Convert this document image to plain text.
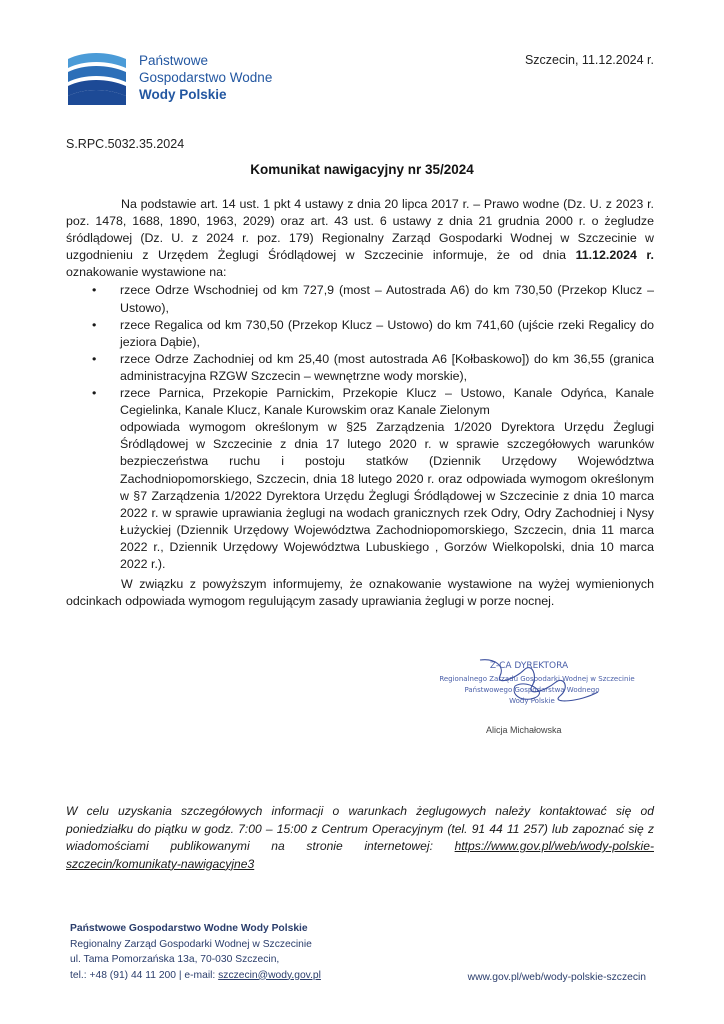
Państwowe
Gospodarstwo Wodne
Wody Polskie
Szczecin, 11.12.2024 r.
S.RPC.5032.35.2024
Komunikat nawigacyjny nr 35/2024

Na podstawie art. 14 ust. 1 pkt 4 ustawy z dnia 20 lipca 2017 r. – Prawo wodne (Dz. U. z 2023 r. poz. 1478, 1688, 1890, 1963, 2029) oraz art. 43 ust. 6 ustawy z dnia 21 grudnia 2000 r. o żegludze śródlądowej (Dz. U. z 2024 r. poz. 179) Regionalny Zarząd Gospodarki Wodnej w Szczecinie w uzgodnieniu z Urzędem Żeglugi Śródlądowej w Szczecinie informuje, że od dnia 11.12.2024 r. oznakowanie wystawione na:

• rzece Odrze Wschodniej od km 727,9 (most – Autostrada A6) do km 730,50 (Przekop Klucz – Ustowo),
• rzece Regalica od km 730,50 (Przekop Klucz – Ustowo) do km 741,60 (ujście rzeki Regalicy do jeziora Dąbie),
• rzece Odrze Zachodniej od km 25,40 (most autostrada A6 [Kołbaskowo]) do km 36,55 (granica administracyjna RZGW Szczecin – wewnętrzne wody morskie),
• rzece Parnica, Przekopie Parnickim, Przekopie Klucz – Ustowo, Kanale Odyńca, Kanale Cegielinka, Kanale Klucz, Kanale Kurowskim oraz Kanale Zielonym

odpowiada wymogom określonym w §25 Zarządzenia 1/2020 Dyrektora Urzędu Żeglugi Śródlądowej w Szczecinie z dnia 17 lutego 2020 r. w sprawie szczegółowych warunków bezpieczeństwa ruchu i postoju statków (Dziennik Urzędowy Województwa Zachodniopomorskiego, Szczecin, dnia 18 lutego 2020 r. oraz odpowiada wymogom określonym w §7 Zarządzenia 1/2022 Dyrektora Urzędu Żeglugi Śródlądowej w Szczecinie z dnia 10 marca 2022 r. w sprawie uprawiania żeglugi na wodach granicznych rzek Odry, Odry Zachodniej i Nysy Łużyckiej (Dziennik Urzędowy Województwa Zachodniopomorskiego, Szczecin, dnia 11 marca 2022 r., Dziennik Urzędowy Województwa Lubuskiego , Gorzów Wielkopolski, dnia 10 marca 2022 r.).

W związku z powyższym informujemy, że oznakowanie wystawione na wyżej wymienionych odcinkach odpowiada wymogom regulującym zasady uprawiania żeglugi w porze nocnej.

Z-CA DYREKTORA
Regionalnego Zarządu Gospodarki Wodnej w Szczecinie
Państwowego Gospodarstwa Wodnego
Wody Polskie
Alicja Michałowska
W celu uzyskania szczegółowych informacji o warunkach żeglugowych należy kontaktować się od poniedziałku do piątku w godz. 7:00 – 15:00 z Centrum Operacyjnym (tel. 91 44 11 257) lub zapoznać się z wiadomościami publikowanymi na stronie internetowej: https://www.gov.pl/web/wody-polskie-szczecin/komunikaty-nawigacyjne3
Państwowe Gospodarstwo Wodne Wody Polskie
Regionalny Zarząd Gospodarki Wodnej w Szczecinie
ul. Tama Pomorzańska 13a, 70-030 Szczecin,
tel.: +48 (91) 44 11 200 | e-mail: szczecin@wody.gov.pl	www.gov.pl/web/wody-polskie-szczecin
